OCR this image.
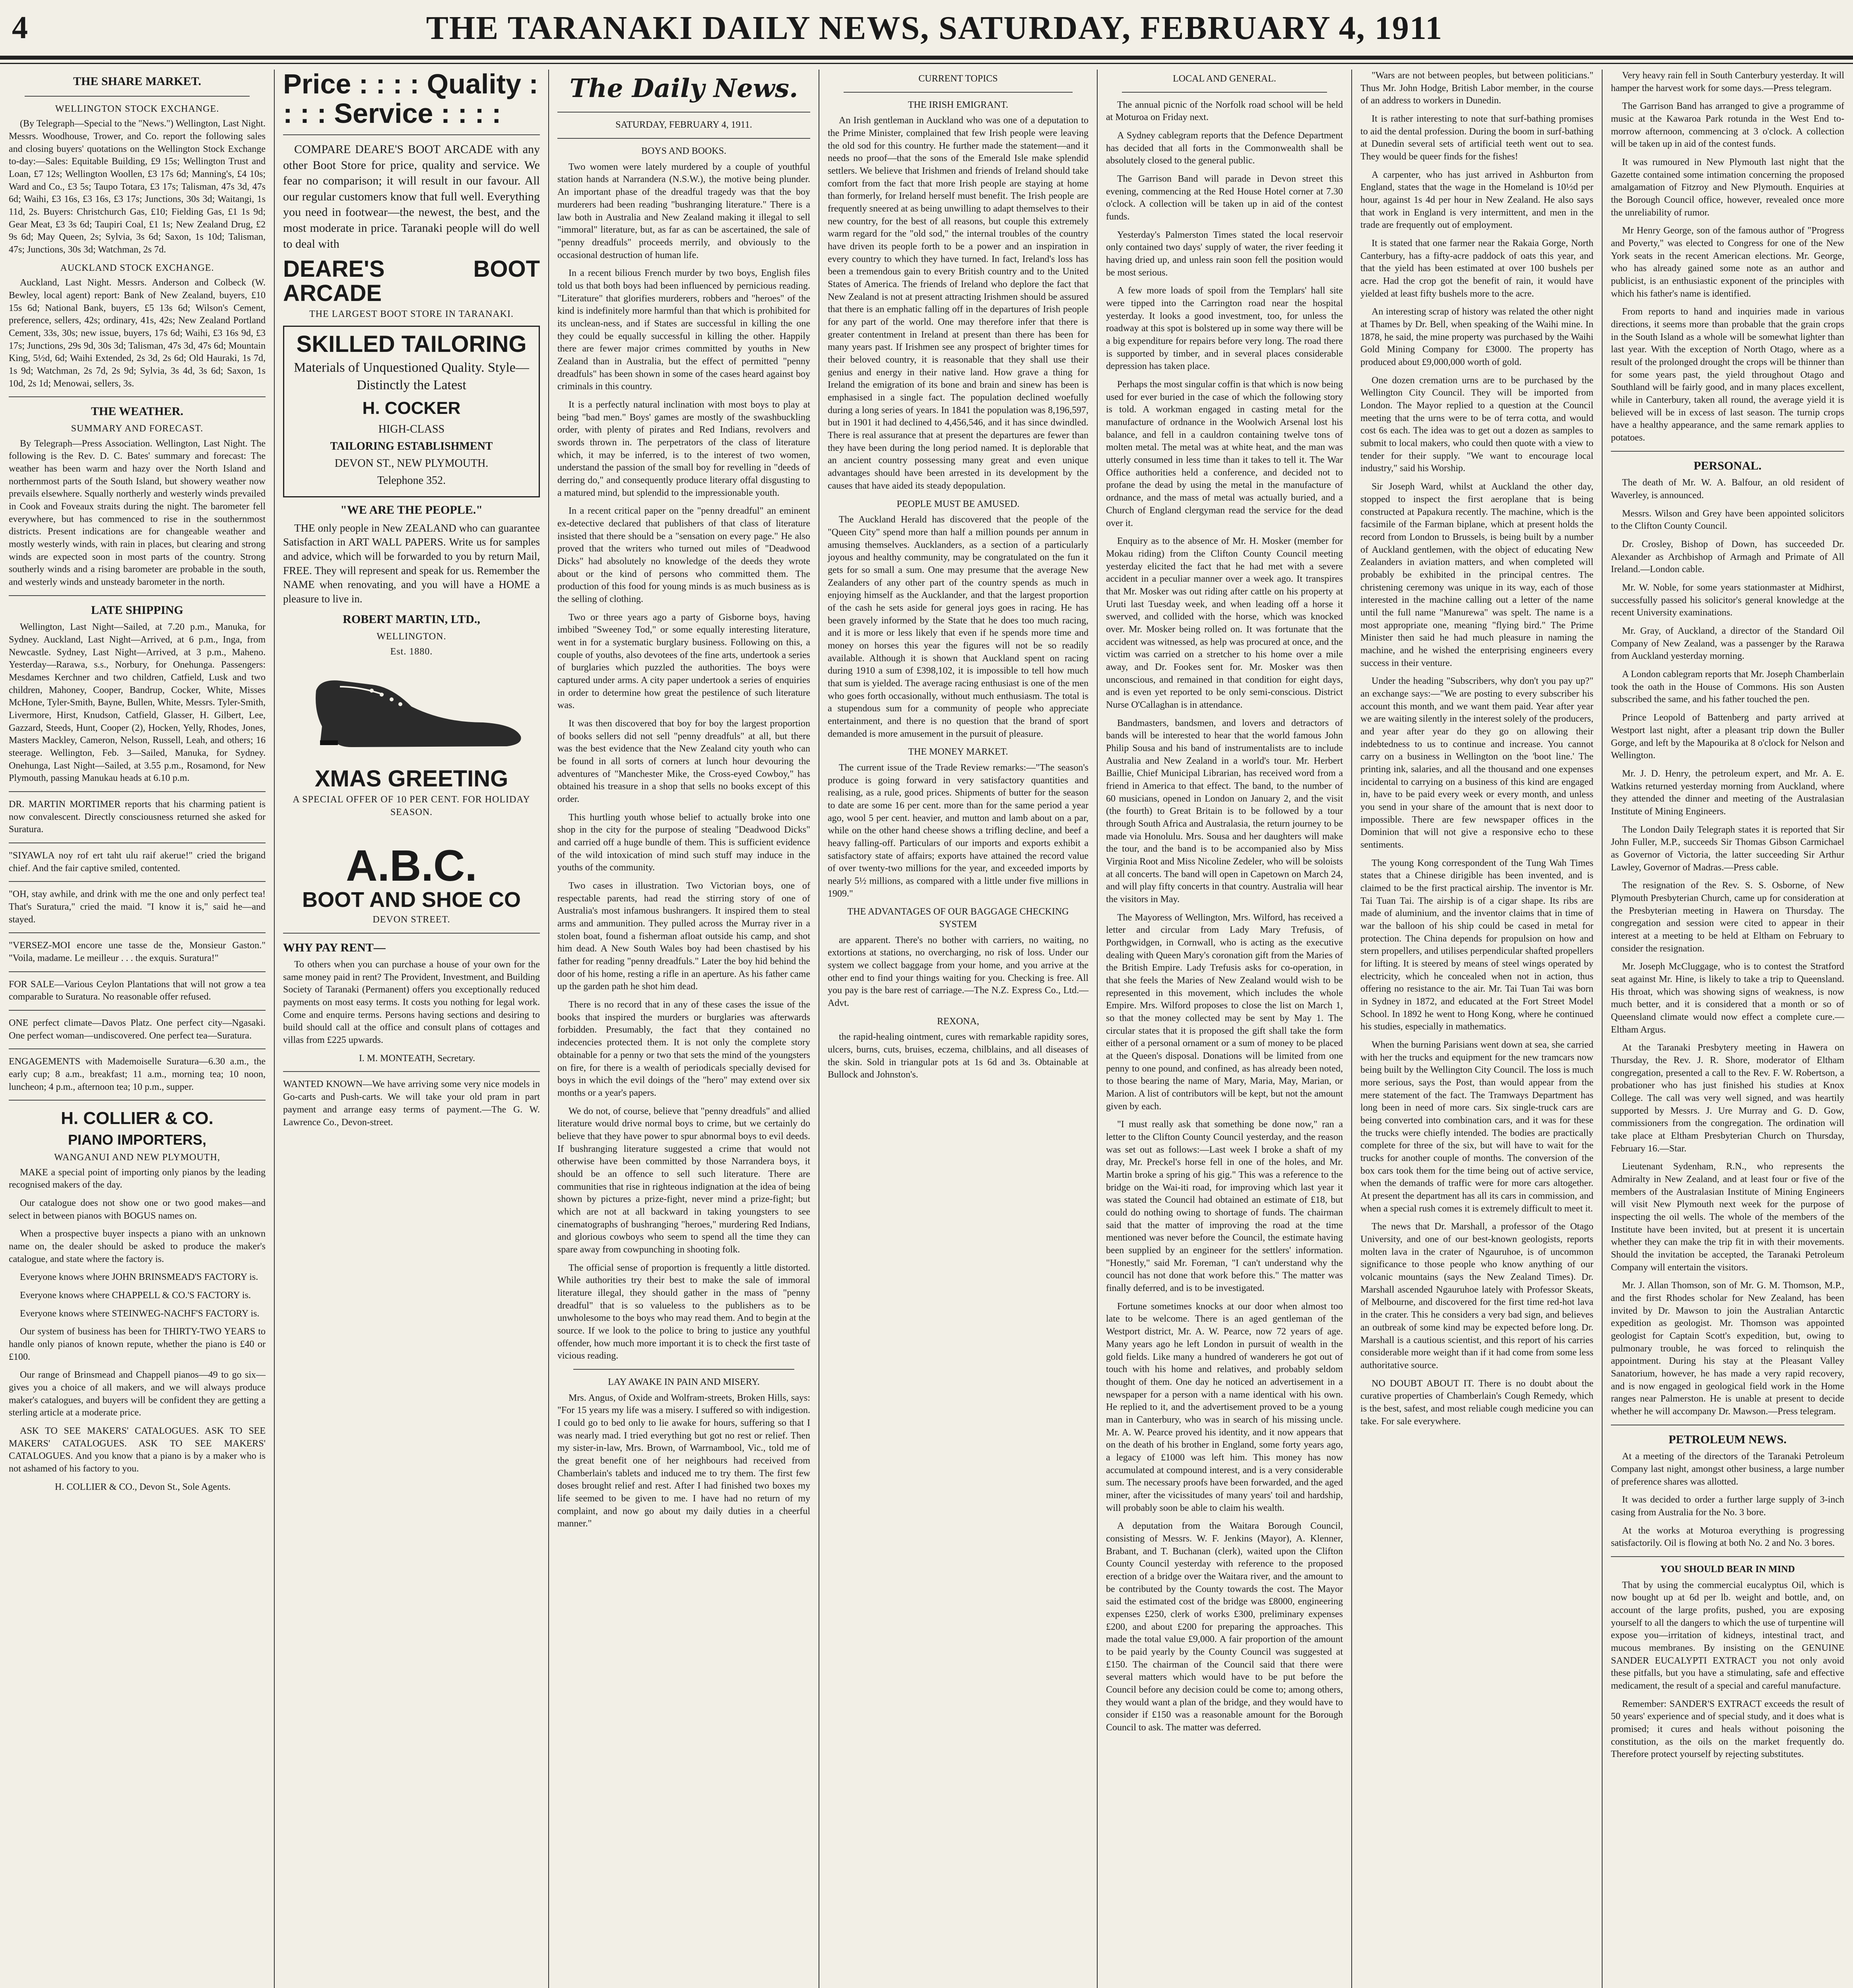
4	THE TARANAKI DAILY NEWS, SATURDAY, FEBRUARY 4, 1911
THE SHARE MARKET.
WELLINGTON STOCK EXCHANGE.

(By Telegraph—Special to the "News.") Wellington, Last Night. Messrs. Woodhouse, Trower, and Co. report the following sales and closing buyers' quotations on the Wellington Stock Exchange to-day:—Sales: Equitable Building, £9 15s; Wellington Trust and Loan, £7 12s; Wellington Woollen, £3 17s 6d; Manning's, £4 10s; Ward and Co., £3 5s; Taupo Totara, £3 17s; Talisman, 47s 3d, 47s 6d; Waihi, £3 16s, £3 16s, £3 17s; Junctions, 30s 3d; Waitangi, 1s 11d, 2s. Buyers: Christchurch Gas, £10; Fielding Gas, £1 1s 9d; Gear Meat, £3 3s 6d; Taupiri Coal, £1 1s; New Zealand Drug, £2 9s 6d; May Queen, 2s; Sylvia, 3s 6d; Saxon, 1s 10d; Talisman, 47s; Junctions, 30s 3d; Watchman, 2s 7d.

AUCKLAND STOCK EXCHANGE.

Auckland, Last Night. Messrs. Anderson and Colbeck (W. Bewley, local agent) report: Bank of New Zealand, buyers, £10 15s 6d; National Bank, buyers, £5 13s 6d; Wilson's Cement, preference, sellers, 42s; ordinary, 41s, 42s; New Zealand Portland Cement, 33s, 30s; new issue, buyers, 17s 6d; Waihi, £3 16s 9d, £3 17s; Junctions, 29s 9d, 30s 3d; Talisman, 47s 3d, 47s 6d; Mountain King, 5½d, 6d; Waihi Extended, 2s 3d, 2s 6d; Old Hauraki, 1s 7d, 1s 9d; Watchman, 2s 7d, 2s 9d; Sylvia, 3s 4d, 3s 6d; Saxon, 1s 10d, 2s 1d; Menowai, sellers, 3s.

THE WEATHER.
SUMMARY AND FORECAST.

By Telegraph—Press Association. Wellington, Last Night. The following is the Rev. D. C. Bates' summary and forecast: The weather has been warm and hazy over the North Island and northernmost parts of the South Island, but showery weather now prevails elsewhere. Squally northerly and westerly winds prevailed in Cook and Foveaux straits during the night. The barometer fell everywhere, but has commenced to rise in the southernmost districts. Present indications are for changeable weather and mostly westerly winds, with rain in places, but clearing and strong winds are expected soon in most parts of the country. Strong southerly winds and a rising barometer are probable in the south, and westerly winds and unsteady barometer in the north.

LATE SHIPPING

Wellington, Last Night—Sailed, at 7.20 p.m., Manuka, for Sydney. Auckland, Last Night—Arrived, at 6 p.m., Inga, from Newcastle. Sydney, Last Night—Arrived, at 3 p.m., Maheno. Yesterday—Rarawa, s.s., Norbury, for Onehunga. Passengers: Mesdames Kerchner and two children, Catfield, Lusk and two children, Mahoney, Cooper, Bandrup, Cocker, White, Misses McHone, Tyler-Smith, Bayne, Bullen, White, Messrs. Tyler-Smith, Livermore, Hirst, Knudson, Catfield, Glasser, H. Gilbert, Lee, Gazzard, Steeds, Hunt, Cooper (2), Hocken, Yelly, Rhodes, Jones, Masters Mackley, Cameron, Nelson, Russell, Leah, and others; 16 steerage. Wellington, Feb. 3—Sailed, Manuka, for Sydney. Onehunga, Last Night—Sailed, at 3.55 p.m., Rosamond, for New Plymouth, passing Manukau heads at 6.10 p.m.

DR. MARTIN MORTIMER reports that his charming patient is now convalescent. Directly consciousness returned she asked for Suratura.

"SIYAWLA noy rof ert taht ulu raif akerue!" cried the brigand chief. And the fair captive smiled, contented.

"OH, stay awhile, and drink with me the one and only perfect tea! That's Suratura," cried the maid. "I know it is," said he—and stayed.

"VERSEZ-MOI encore une tasse de the, Monsieur Gaston." "Voila, madame. Le meilleur . . . the exquis. Suratura!"

FOR SALE—Various Ceylon Plantations that will not grow a tea comparable to Suratura. No reasonable offer refused.

ONE perfect climate—Davos Platz. One perfect city—Ngasaki. One perfect woman—undiscovered. One perfect tea—Suratura.

ENGAGEMENTS with Mademoiselle Suratura—6.30 a.m., the early cup; 8 a.m., breakfast; 11 a.m., morning tea; 10 noon, luncheon; 4 p.m., afternoon tea; 10 p.m., supper.

H. COLLIER & CO.
PIANO IMPORTERS,
WANGANUI AND NEW PLYMOUTH,

MAKE a special point of importing only pianos by the leading recognised makers of the day.

Our catalogue does not show one or two good makes—and select in between pianos with BOGUS names on.

When a prospective buyer inspects a piano with an unknown name on, the dealer should be asked to produce the maker's catalogue, and state where the factory is.

Everyone knows where JOHN BRINSMEAD'S FACTORY is.

Everyone knows where CHAPPELL & CO.'S FACTORY is.

Everyone knows where STEINWEG-NACHF'S FACTORY is.

Our system of business has been for THIRTY-TWO YEARS to handle only pianos of known repute, whether the piano is £40 or £100.

Our range of Brinsmead and Chappell pianos—49 to go six—gives you a choice of all makers, and we will always produce maker's catalogues, and buyers will be confident they are getting a sterling article at a moderate price.

ASK TO SEE MAKERS' CATALOGUES. ASK TO SEE MAKERS' CATALOGUES. ASK TO SEE MAKERS' CATALOGUES. And you know that a piano is by a maker who is not ashamed of his factory to you.

H. COLLIER & CO., Devon St., Sole Agents.

Price : : : : Quality : : : : Service : : : :

COMPARE DEARE'S BOOT ARCADE with any other Boot Store for price, quality and service. We fear no comparison; it will result in our favour. All our regular customers know that full well. Everything you need in footwear—the newest, the best, and the most moderate in price. Taranaki people will do well to deal with

DEARE'S BOOT ARCADE
THE LARGEST BOOT STORE IN TARANAKI.
SKILLED TAILORING
Materials of Unquestioned Quality. Style—Distinctly the Latest
H. COCKER
HIGH-CLASS
TAILORING ESTABLISHMENT
DEVON ST., NEW PLYMOUTH.
Telephone 352.
"WE ARE THE PEOPLE."

THE only people in New ZEALAND who can guarantee Satisfaction in ART WALL PAPERS. Write us for samples and advice, which will be forwarded to you by return Mail, FREE. They will represent and speak for us. Remember the NAME when renovating, and you will have a HOME a pleasure to live in.

ROBERT MARTIN, LTD.,
WELLINGTON.
Est. 1880.
XMAS GREETING
A SPECIAL OFFER OF 10 PER CENT. FOR HOLIDAY SEASON.
A.B.C.
BOOT AND SHOE CO
DEVON STREET.
WHY PAY RENT—

To others when you can purchase a house of your own for the same money paid in rent? The Provident, Investment, and Building Society of Taranaki (Permanent) offers you exceptionally reduced payments on most easy terms. It costs you nothing for legal work. Come and enquire terms. Persons having sections and desiring to build should call at the office and consult plans of cottages and villas from £225 upwards.

I. M. MONTEATH, Secretary.

WANTED KNOWN—We have arriving some very nice models in Go-carts and Push-carts. We will take your old pram in part payment and arrange easy terms of payment.—The G. W. Lawrence Co., Devon-street.

The Daily News.
SATURDAY, FEBRUARY 4, 1911.
BOYS AND BOOKS.

Two women were lately murdered by a couple of youthful station hands at Narrandera (N.S.W.), the motive being plunder. An important phase of the dreadful tragedy was that the boy murderers had been reading "bushranging literature." There is a law both in Australia and New Zealand making it illegal to sell "immoral" literature, but, as far as can be ascertained, the sale of "penny dreadfuls" proceeds merrily, and obviously to the occasional destruction of human life.

In a recent bilious French murder by two boys, English files told us that both boys had been influenced by pernicious reading. "Literature" that glorifies murderers, robbers and "heroes" of the kind is indefinitely more harmful than that which is prohibited for its unclean-ness, and if States are successful in killing the one they could be equally successful in killing the other. Happily there are fewer major crimes committed by youths in New Zealand than in Australia, but the effect of permitted "penny dreadfuls" has been shown in some of the cases heard against boy criminals in this country.

It is a perfectly natural inclination with most boys to play at being "bad men." Boys' games are mostly of the swashbuckling order, with plenty of pirates and Red Indians, revolvers and swords thrown in. The perpetrators of the class of literature which, it may be inferred, is to the interest of two women, understand the passion of the small boy for revelling in "deeds of derring do," and consequently produce literary offal disgusting to a matured mind, but splendid to the impressionable youth.

In a recent critical paper on the "penny dreadful" an eminent ex-detective declared that publishers of that class of literature insisted that there should be a "sensation on every page." He also proved that the writers who turned out miles of "Deadwood Dicks" had absolutely no knowledge of the deeds they wrote about or the kind of persons who committed them. The production of this food for young minds is as much business as is the selling of clothing.

Two or three years ago a party of Gisborne boys, having imbibed "Sweeney Tod," or some equally interesting literature, went in for a systematic burglary business. Following on this, a couple of youths, also devotees of the fine arts, undertook a series of burglaries which puzzled the authorities. The boys were captured under arms. A city paper undertook a series of enquiries in order to determine how great the pestilence of such literature was.

It was then discovered that boy for boy the largest proportion of books sellers did not sell "penny dreadfuls" at all, but there was the best evidence that the New Zealand city youth who can be found in all sorts of corners at lunch hour devouring the adventures of "Manchester Mike, the Cross-eyed Cowboy," has obtained his treasure in a shop that sells no books except of this order.

This hurtling youth whose belief to actually broke into one shop in the city for the purpose of stealing "Deadwood Dicks" and carried off a huge bundle of them. This is sufficient evidence of the wild intoxication of mind such stuff may induce in the youths of the community.

Two cases in illustration. Two Victorian boys, one of respectable parents, had read the stirring story of one of Australia's most infamous bushrangers. It inspired them to steal arms and ammunition. They pulled across the Murray river in a stolen boat, found a fisherman afloat outside his camp, and shot him dead. A New South Wales boy had been chastised by his father for reading "penny dreadfuls." Later the boy hid behind the door of his home, resting a rifle in an aperture. As his father came up the garden path he shot him dead.

There is no record that in any of these cases the issue of the books that inspired the murders or burglaries was afterwards forbidden. Presumably, the fact that they contained no indecencies protected them. It is not only the complete story obtainable for a penny or two that sets the mind of the youngsters on fire, for there is a wealth of periodicals specially devised for boys in which the evil doings of the "hero" may extend over six months or a year's papers.

We do not, of course, believe that "penny dreadfuls" and allied literature would drive normal boys to crime, but we certainly do believe that they have power to spur abnormal boys to evil deeds. If bushranging literature suggested a crime that would not otherwise have been committed by those Narrandera boys, it should be an offence to sell such literature. There are communities that rise in righteous indignation at the idea of being shown by pictures a prize-fight, never mind a prize-fight; but which are not at all backward in taking youngsters to see cinematographs of bushranging "heroes," murdering Red Indians, and glorious cowboys who seem to spend all the time they can spare away from cowpunching in shooting folk.

The official sense of proportion is frequently a little distorted. While authorities try their best to make the sale of immoral literature illegal, they should gather in the mass of "penny dreadful" that is so valueless to the publishers as to be unwholesome to the boys who may read them. And to begin at the source. If we look to the police to bring to justice any youthful offender, how much more important it is to check the first taste of vicious reading.

LAY AWAKE IN PAIN AND MISERY.

Mrs. Angus, of Oxide and Wolfram-streets, Broken Hills, says: "For 15 years my life was a misery. I suffered so with indigestion. I could go to bed only to lie awake for hours, suffering so that I was nearly mad. I tried everything but got no rest or relief. Then my sister-in-law, Mrs. Brown, of Warrnambool, Vic., told me of the great benefit one of her neighbours had received from Chamberlain's tablets and induced me to try them. The first few doses brought relief and rest. After I had finished two boxes my life seemed to be given to me. I have had no return of my complaint, and now go about my daily duties in a cheerful manner."

CURRENT TOPICS
THE IRISH EMIGRANT.

An Irish gentleman in Auckland who was one of a deputation to the Prime Minister, complained that few Irish people were leaving the old sod for this country. He further made the statement—and it needs no proof—that the sons of the Emerald Isle make splendid settlers. We believe that Irishmen and friends of Ireland should take comfort from the fact that more Irish people are staying at home than formerly, for Ireland herself must benefit. The Irish people are frequently sneered at as being unwilling to adapt themselves to their new country, for the best of all reasons, but couple this extremely warm regard for the "old sod," the internal troubles of the country have driven its people forth to be a power and an inspiration in every country to which they have turned. In fact, Ireland's loss has been a tremendous gain to every British country and to the United States of America. The friends of Ireland who deplore the fact that New Zealand is not at present attracting Irishmen should be assured that there is an emphatic falling off in the departures of Irish people for any part of the world. One may therefore infer that there is greater contentment in Ireland at present than there has been for many years past. If Irishmen see any prospect of brighter times for their beloved country, it is reasonable that they shall use their genius and energy in their native land. How grave a thing for Ireland the emigration of its bone and brain and sinew has been is emphasised in a single fact. The population declined woefully during a long series of years. In 1841 the population was 8,196,597, but in 1901 it had declined to 4,456,546, and it has since dwindled. There is real assurance that at present the departures are fewer than they have been during the long period named. It is deplorable that an ancient country possessing many great and even unique advantages should have been arrested in its development by the causes that have aided its steady depopulation.

PEOPLE MUST BE AMUSED.

The Auckland Herald has discovered that the people of the "Queen City" spend more than half a million pounds per annum in amusing themselves. Aucklanders, as a section of a particularly joyous and healthy community, may be congratulated on the fun it gets for so small a sum. One may presume that the average New Zealanders of any other part of the country spends as much in enjoying himself as the Aucklander, and that the largest proportion of the cash he sets aside for general joys goes in racing. He has been gravely informed by the State that he does too much racing, and it is more or less likely that even if he spends more time and money on horses this year the figures will not be so readily available. Although it is shown that Auckland spent on racing during 1910 a sum of £398,102, it is impossible to tell how much that sum is yielded. The average racing enthusiast is one of the men who goes forth occasionally, without much enthusiasm. The total is a stupendous sum for a community of people who appreciate entertainment, and there is no question that the brand of sport demanded is more amusement in the pursuit of pleasure.

THE MONEY MARKET.

The current issue of the Trade Review remarks:—"The season's produce is going forward in very satisfactory quantities and realising, as a rule, good prices. Shipments of butter for the season to date are some 16 per cent. more than for the same period a year ago, wool 5 per cent. heavier, and mutton and lamb about on a par, while on the other hand cheese shows a trifling decline, and beef a heavy falling-off. Particulars of our imports and exports exhibit a satisfactory state of affairs; exports have attained the record value of over twenty-two millions for the year, and exceeded imports by nearly 5½ millions, as compared with a little under five millions in 1909."

THE ADVANTAGES OF OUR BAGGAGE CHECKING SYSTEM

are apparent. There's no bother with carriers, no waiting, no extortions at stations, no overcharging, no risk of loss. Under our system we collect baggage from your home, and you arrive at the other end to find your things waiting for you. Checking is free. All you pay is the bare rest of carriage.—The N.Z. Express Co., Ltd.—Advt.

REXONA,

the rapid-healing ointment, cures with remarkable rapidity sores, ulcers, burns, cuts, bruises, eczema, chilblains, and all diseases of the skin. Sold in triangular pots at 1s 6d and 3s. Obtainable at Bullock and Johnston's.

LOCAL AND GENERAL.

The annual picnic of the Norfolk road school will be held at Moturoa on Friday next.

A Sydney cablegram reports that the Defence Department has decided that all forts in the Commonwealth shall be absolutely closed to the general public.

The Garrison Band will parade in Devon street this evening, commencing at the Red House Hotel corner at 7.30 o'clock. A collection will be taken up in aid of the contest funds.

Yesterday's Palmerston Times stated the local reservoir only contained two days' supply of water, the river feeding it having dried up, and unless rain soon fell the position would be most serious.

A few more loads of spoil from the Templars' hall site were tipped into the Carrington road near the hospital yesterday. It looks a good investment, too, for unless the roadway at this spot is bolstered up in some way there will be a big expenditure for repairs before very long. The road there is supported by timber, and in several places considerable depression has taken place.

Perhaps the most singular coffin is that which is now being used for ever buried in the case of which the following story is told. A workman engaged in casting metal for the manufacture of ordnance in the Woolwich Arsenal lost his balance, and fell in a cauldron containing twelve tons of molten metal. The metal was at white heat, and the man was utterly consumed in less time than it takes to tell it. The War Office authorities held a conference, and decided not to profane the dead by using the metal in the manufacture of ordnance, and the mass of metal was actually buried, and a Church of England clergyman read the service for the dead over it.

Enquiry as to the absence of Mr. H. Mosker (member for Mokau riding) from the Clifton County Council meeting yesterday elicited the fact that he had met with a severe accident in a peculiar manner over a week ago. It transpires that Mr. Mosker was out riding after cattle on his property at Uruti last Tuesday week, and when leading off a horse it swerved, and collided with the horse, which was knocked over. Mr. Mosker being rolled on. It was fortunate that the accident was witnessed, as help was procured at once, and the victim was carried on a stretcher to his home over a mile away, and Dr. Fookes sent for. Mr. Mosker was then unconscious, and remained in that condition for eight days, and is even yet reported to be only semi-conscious. District Nurse O'Callaghan is in attendance.

Bandmasters, bandsmen, and lovers and detractors of bands will be interested to hear that the world famous John Philip Sousa and his band of instrumentalists are to include Australia and New Zealand in a world's tour. Mr. Herbert Baillie, Chief Municipal Librarian, has received word from a friend in America to that effect. The band, to the number of 60 musicians, opened in London on January 2, and the visit (the fourth) to Great Britain is to be followed by a tour through South Africa and Australasia, the return journey to be made via Honolulu. Mrs. Sousa and her daughters will make the tour, and the band is to be accompanied also by Miss Virginia Root and Miss Nicoline Zedeler, who will be soloists at all concerts. The band will open in Capetown on March 24, and will play fifty concerts in that country. Australia will hear the visitors in May.

The Mayoress of Wellington, Mrs. Wilford, has received a letter and circular from Lady Mary Trefusis, of Porthgwidgen, in Cornwall, who is acting as the executive dealing with Queen Mary's coronation gift from the Maries of the British Empire. Lady Trefusis asks for co-operation, in that she feels the Maries of New Zealand would wish to be represented in this movement, which includes the whole Empire. Mrs. Wilford proposes to close the list on March 1, so that the money collected may be sent by May 1. The circular states that it is proposed the gift shall take the form either of a personal ornament or a sum of money to be placed at the Queen's disposal. Donations will be limited from one penny to one pound, and confined, as has already been noted, to those bearing the name of Mary, Maria, May, Marian, or Marion. A list of contributors will be kept, but not the amount given by each.

"I must really ask that something be done now," ran a letter to the Clifton County Council yesterday, and the reason was set out as follows:—Last week I broke a shaft of my dray, Mr. Preckel's horse fell in one of the holes, and Mr. Martin broke a spring of his gig." This was a reference to the bridge on the Wai-iti road, for improving which last year it was stated the Council had obtained an estimate of £18, but could do nothing owing to shortage of funds. The chairman said that the matter of improving the road at the time mentioned was never before the Council, the estimate having been supplied by an engineer for the settlers' information. "Honestly," said Mr. Foreman, "I can't understand why the council has not done that work before this." The matter was finally deferred, and is to be investigated.

Fortune sometimes knocks at our door when almost too late to be welcome. There is an aged gentleman of the Westport district, Mr. A. W. Pearce, now 72 years of age. Many years ago he left London in pursuit of wealth in the gold fields. Like many a hundred of wanderers he got out of touch with his home and relatives, and probably seldom thought of them. One day he noticed an advertisement in a newspaper for a person with a name identical with his own. He replied to it, and the advertisement proved to be a young man in Canterbury, who was in search of his missing uncle. Mr. A. W. Pearce proved his identity, and it now appears that on the death of his brother in England, some forty years ago, a legacy of £1000 was left him. This money has now accumulated at compound interest, and is a very considerable sum. The necessary proofs have been forwarded, and the aged miner, after the vicissitudes of many years' toil and hardship, will probably soon be able to claim his wealth.

A deputation from the Waitara Borough Council, consisting of Messrs. W. F. Jenkins (Mayor), A. Klenner, Brabant, and T. Buchanan (clerk), waited upon the Clifton County Council yesterday with reference to the proposed erection of a bridge over the Waitara river, and the amount to be contributed by the County towards the cost. The Mayor said the estimated cost of the bridge was £8000, engineering expenses £250, clerk of works £300, preliminary expenses £200, and about £200 for preparing the approaches. This made the total value £9,000. A fair proportion of the amount to be paid yearly by the County Council was suggested at £150. The chairman of the Council said that there were several matters which would have to be put before the Council before any decision could be come to; among others, they would want a plan of the bridge, and they would have to consider if £150 was a reasonable amount for the Borough Council to ask. The matter was deferred.

"Wars are not between peoples, but between politicians." Thus Mr. John Hodge, British Labor member, in the course of an address to workers in Dunedin.

It is rather interesting to note that surf-bathing promises to aid the dental profession. During the boom in surf-bathing at Dunedin several sets of artificial teeth went out to sea. They would be queer finds for the fishes!

A carpenter, who has just arrived in Ashburton from England, states that the wage in the Homeland is 10½d per hour, against 1s 4d per hour in New Zealand. He also says that work in England is very intermittent, and men in the trade are frequently out of employment.

It is stated that one farmer near the Rakaia Gorge, North Canterbury, has a fifty-acre paddock of oats this year, and that the yield has been estimated at over 100 bushels per acre. Had the crop got the benefit of rain, it would have yielded at least fifty bushels more to the acre.

An interesting scrap of history was related the other night at Thames by Dr. Bell, when speaking of the Waihi mine. In 1878, he said, the mine property was purchased by the Waihi Gold Mining Company for £3000. The property has produced about £9,000,000 worth of gold.

One dozen cremation urns are to be purchased by the Wellington City Council. They will be imported from London. The Mayor replied to a question at the Council meeting that the urns were to be of terra cotta, and would cost 6s each. The idea was to get out a dozen as samples to submit to local makers, who could then quote with a view to tender for their supply. "We want to encourage local industry," said his Worship.

Sir Joseph Ward, whilst at Auckland the other day, stopped to inspect the first aeroplane that is being constructed at Papakura recently. The machine, which is the facsimile of the Farman biplane, which at present holds the record from London to Brussels, is being built by a number of Auckland gentlemen, with the object of educating New Zealanders in aviation matters, and when completed will probably be exhibited in the principal centres. The christening ceremony was unique in its way, each of those interested in the machine calling out a letter of the name until the full name "Manurewa" was spelt. The name is a most appropriate one, meaning "flying bird." The Prime Minister then said he had much pleasure in naming the machine, and he wished the enterprising engineers every success in their venture.

Under the heading "Subscribers, why don't you pay up?" an exchange says:—"We are posting to every subscriber his account this month, and we want them paid. Year after year we are waiting silently in the interest solely of the producers, and year after year do they go on allowing their indebtedness to us to continue and increase. You cannot carry on a business in Wellington on the 'boot line.' The printing ink, salaries, and all the thousand and one expenses incidental to carrying on a business of this kind are engaged in, have to be paid every week or every month, and unless you send in your share of the amount that is next door to impossible. There are few newspaper offices in the Dominion that will not give a responsive echo to these sentiments.

The young Kong correspondent of the Tung Wah Times states that a Chinese dirigible has been invented, and is claimed to be the first practical airship. The inventor is Mr. Tai Tuan Tai. The airship is of a cigar shape. Its ribs are made of aluminium, and the inventor claims that in time of war the balloon of his ship could be cased in metal for protection. The China depends for propulsion on how and stern propellers, and utilises perpendicular shafted propellers for lifting. It is steered by means of steel wings operated by electricity, which he concealed when not in action, thus offering no resistance to the air. Mr. Tai Tuan Tai was born in Sydney in 1872, and educated at the Fort Street Model School. In 1892 he went to Hong Kong, where he continued his studies, especially in mathematics.

When the burning Parisians went down at sea, she carried with her the trucks and equipment for the new tramcars now being built by the Wellington City Council. The loss is much more serious, says the Post, than would appear from the mere statement of the fact. The Tramways Department has long been in need of more cars. Six single-truck cars are being converted into combination cars, and it was for these the trucks were chiefly intended. The bodies are practically complete for three of the six, but will have to wait for the trucks for another couple of months. The conversion of the box cars took them for the time being out of active service, when the demands of traffic were for more cars altogether. At present the department has all its cars in commission, and when a special rush comes it is extremely difficult to meet it.

The news that Dr. Marshall, a professor of the Otago University, and one of our best-known geologists, reports molten lava in the crater of Ngauruhoe, is of uncommon significance to those people who know anything of our volcanic mountains (says the New Zealand Times). Dr. Marshall ascended Ngauruhoe lately with Professor Skeats, of Melbourne, and discovered for the first time red-hot lava in the crater. This he considers a very bad sign, and believes an outbreak of some kind may be expected before long. Dr. Marshall is a cautious scientist, and this report of his carries considerable more weight than if it had come from some less authoritative source.

NO DOUBT ABOUT IT. There is no doubt about the curative properties of Chamberlain's Cough Remedy, which is the best, safest, and most reliable cough medicine you can take. For sale everywhere.

Very heavy rain fell in South Canterbury yesterday. It will hamper the harvest work for some days.—Press telegram.

The Garrison Band has arranged to give a programme of music at the Kawaroa Park rotunda in the West End to-morrow afternoon, commencing at 3 o'clock. A collection will be taken up in aid of the contest funds.

It was rumoured in New Plymouth last night that the Gazette contained some intimation concerning the proposed amalgamation of Fitzroy and New Plymouth. Enquiries at the Borough Council office, however, revealed once more the unreliability of rumor.

Mr Henry George, son of the famous author of "Progress and Poverty," was elected to Congress for one of the New York seats in the recent American elections. Mr. George, who has already gained some note as an author and publicist, is an enthusiastic exponent of the principles with which his father's name is identified.

From reports to hand and inquiries made in various directions, it seems more than probable that the grain crops in the South Island as a whole will be somewhat lighter than last year. With the exception of North Otago, where as a result of the prolonged drought the crops will be thinner than for some years past, the yield throughout Otago and Southland will be fairly good, and in many places excellent, while in Canterbury, taken all round, the average yield it is believed will be in excess of last season. The turnip crops have a healthy appearance, and the same remark applies to potatoes.

PERSONAL.

The death of Mr. W. A. Balfour, an old resident of Waverley, is announced.

Messrs. Wilson and Grey have been appointed solicitors to the Clifton County Council.

Dr. Crosley, Bishop of Down, has succeeded Dr. Alexander as Archbishop of Armagh and Primate of All Ireland.—London cable.

Mr. W. Noble, for some years stationmaster at Midhirst, successfully passed his solicitor's general knowledge at the recent University examinations.

Mr. Gray, of Auckland, a director of the Standard Oil Company of New Zealand, was a passenger by the Rarawa from Auckland yesterday morning.

A London cablegram reports that Mr. Joseph Chamberlain took the oath in the House of Commons. His son Austen subscribed the same, and his father touched the pen.

Prince Leopold of Battenberg and party arrived at Westport last night, after a pleasant trip down the Buller Gorge, and left by the Mapourika at 8 o'clock for Nelson and Wellington.

Mr. J. D. Henry, the petroleum expert, and Mr. A. E. Watkins returned yesterday morning from Auckland, where they attended the dinner and meeting of the Australasian Institute of Mining Engineers.

The London Daily Telegraph states it is reported that Sir John Fuller, M.P., succeeds Sir Thomas Gibson Carmichael as Governor of Victoria, the latter succeeding Sir Arthur Lawley, Governor of Madras.—Press cable.

The resignation of the Rev. S. S. Osborne, of New Plymouth Presbyterian Church, came up for consideration at the Presbyterian meeting in Hawera on Thursday. The congregation and session were cited to appear in their interest at a meeting to be held at Eltham on February to consider the resignation.

Mr. Joseph McCluggage, who is to contest the Stratford seat against Mr. Hine, is likely to take a trip to Queensland. His throat, which was showing signs of weakness, is now much better, and it is considered that a month or so of Queensland climate would now effect a complete cure.—Eltham Argus.

At the Taranaki Presbytery meeting in Hawera on Thursday, the Rev. J. R. Shore, moderator of Eltham congregation, presented a call to the Rev. F. W. Robertson, a probationer who has just finished his studies at Knox College. The call was very well signed, and was heartily supported by Messrs. J. Ure Murray and G. D. Gow, commissioners from the congregation. The ordination will take place at Eltham Presbyterian Church on Thursday, February 16.—Star.

Lieutenant Sydenham, R.N., who represents the Admiralty in New Zealand, and at least four or five of the members of the Australasian Institute of Mining Engineers will visit New Plymouth next week for the purpose of inspecting the oil wells. The whole of the members of the Institute have been invited, but at present it is uncertain whether they can make the trip fit in with their movements. Should the invitation be accepted, the Taranaki Petroleum Company will entertain the visitors.

Mr. J. Allan Thomson, son of Mr. G. M. Thomson, M.P., and the first Rhodes scholar for New Zealand, has been invited by Dr. Mawson to join the Australian Antarctic expedition as geologist. Mr. Thomson was appointed geologist for Captain Scott's expedition, but, owing to pulmonary trouble, he was forced to relinquish the appointment. During his stay at the Pleasant Valley Sanatorium, however, he has made a very rapid recovery, and is now engaged in geological field work in the Home ranges near Palmerston. He is unable at present to decide whether he will accompany Dr. Mawson.—Press telegram.

PETROLEUM NEWS.

At a meeting of the directors of the Taranaki Petroleum Company last night, amongst other business, a large number of preference shares was allotted.

It was decided to order a further large supply of 3-inch casing from Australia for the No. 3 bore.

At the works at Moturoa everything is progressing satisfactorily. Oil is flowing at both No. 2 and No. 3 bores.

YOU SHOULD BEAR IN MIND

That by using the commercial eucalyptus Oil, which is now bought up at 6d per lb. weight and bottle, and, on account of the large profits, pushed, you are exposing yourself to all the dangers to which the use of turpentine will expose you—irritation of kidneys, intestinal tract, and mucous membranes. By insisting on the GENUINE SANDER EUCALYPTI EXTRACT you not only avoid these pitfalls, but you have a stimulating, safe and effective medicament, the result of a special and careful manufacture.

Remember: SANDER'S EXTRACT exceeds the result of 50 years' experience and of special study, and it does what is promised; it cures and heals without poisoning the constitution, as the oils on the market frequently do. Therefore protect yourself by rejecting substitutes.
